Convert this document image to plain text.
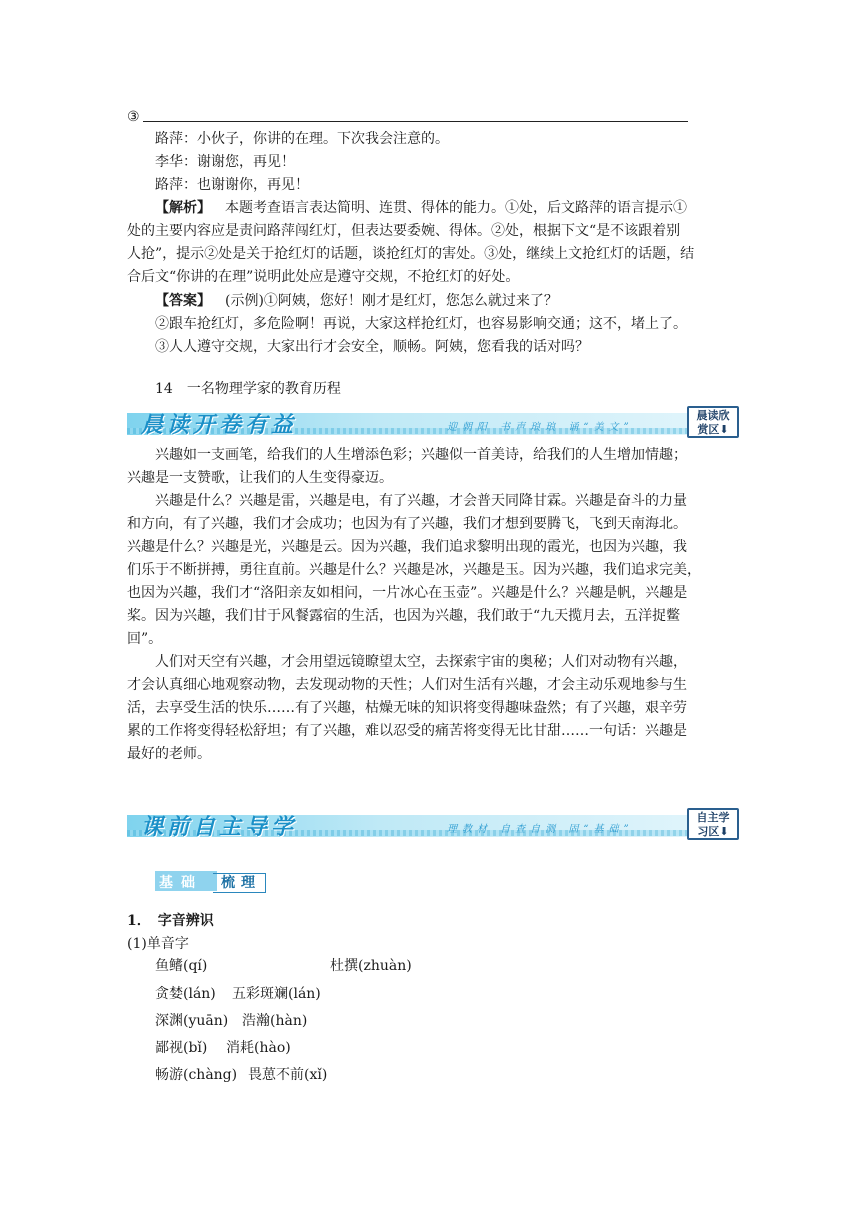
③
路萍：小伙子，你讲的在理。下次我会注意的。
李华：谢谢您，再见！
路萍：也谢谢你，再见！
【解析】 本题考查语言表达简明、连贯、得体的能力。①处，后文路萍的语言提示①
处的主要内容应是责问路萍闯红灯，但表达要委婉、得体。②处，根据下文“是不该跟着别
人抢”，提示②处是关于抢红灯的话题，谈抢红灯的害处。③处，继续上文抢红灯的话题，结
合后文“你讲的在理”说明此处应是遵守交规，不抢红灯的好处。
【答案】 (示例)①阿姨，您好！刚才是红灯，您怎么就过来了？
②跟车抢红灯，多危险啊！再说，大家这样抢红灯，也容易影响交通；这不，堵上了。
③人人遵守交规，大家出行才会安全，顺畅。阿姨，您看我的话对吗？
14　一名物理学家的教育历程
晨读开卷有益	迎朝阳 书声琅琅 诵“美文”
晨读欣
赏区⬇
兴趣如一支画笔，给我们的人生增添色彩；兴趣似一首美诗，给我们的人生增加情趣；
兴趣是一支赞歌，让我们的人生变得豪迈。
兴趣是什么？兴趣是雷，兴趣是电，有了兴趣，才会普天同降甘霖。兴趣是奋斗的力量
和方向，有了兴趣，我们才会成功；也因为有了兴趣，我们才想到要腾飞，飞到天南海北。
兴趣是什么？兴趣是光，兴趣是云。因为兴趣，我们追求黎明出现的霞光，也因为兴趣，我
们乐于不断拼搏，勇往直前。兴趣是什么？兴趣是冰，兴趣是玉。因为兴趣，我们追求完美，
也因为兴趣，我们才“洛阳亲友如相问，一片冰心在玉壶”。兴趣是什么？兴趣是帆，兴趣是
桨。因为兴趣，我们甘于风餐露宿的生活，也因为兴趣，我们敢于“九天揽月去，五洋捉鳖
回”。
人们对天空有兴趣，才会用望远镜瞭望太空，去探索宇宙的奥秘；人们对动物有兴趣，
才会认真细心地观察动物，去发现动物的天性；人们对生活有兴趣，才会主动乐观地参与生
活，去享受生活的快乐……有了兴趣，枯燥无味的知识将变得趣味盎然；有了兴趣，艰辛劳
累的工作将变得轻松舒坦；有了兴趣，难以忍受的痛苦将变得无比甘甜……一句话：兴趣是
最好的老师。
课前自主导学	理教材 自查自测 固“基础”
自主学
习区⬇
基础 梳理
1．　字音辨识
(1)单音字
鱼鳍(qí)	杜撰(zhuàn)
贪婪(lán) 五彩斑斓(lán)
深渊(yuān) 浩瀚(hàn)
鄙视(bǐ) 消耗(hào)
畅游(chàng) 畏葸不前(xǐ)
